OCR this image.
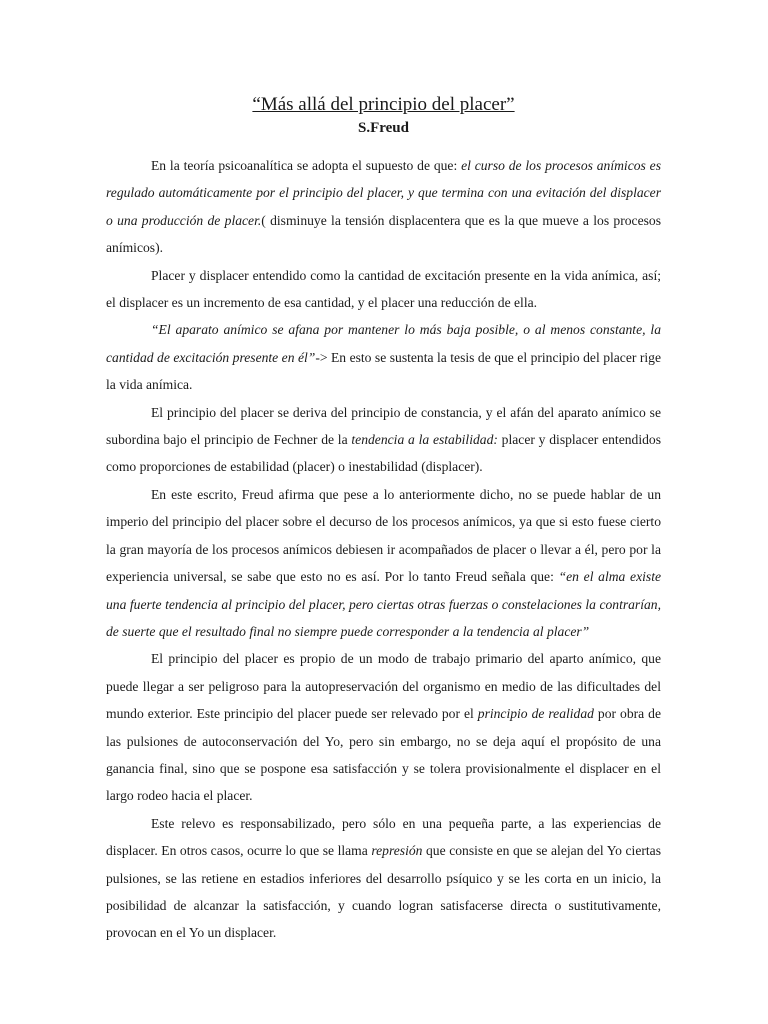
“Más allá del principio del placer”
S.Freud

En la teoría psicoanalítica se adopta el supuesto de que: el curso de los procesos anímicos es regulado automáticamente por el principio del placer, y que termina con una evitación del displacer o una producción de placer.( disminuye la tensión displacentera que es la que mueve a los procesos anímicos).

Placer y displacer entendido como la cantidad de excitación presente en la vida anímica, así; el displacer es un incremento de esa cantidad, y el placer una reducción de ella.

“El aparato anímico se afana por mantener lo más baja posible, o al menos constante, la cantidad de excitación presente en él”-> En esto se sustenta la tesis de que el principio del placer rige la vida anímica.

El principio del placer se deriva del principio de constancia, y el afán del aparato anímico se subordina bajo el principio de Fechner de la tendencia a la estabilidad: placer y displacer entendidos como proporciones de estabilidad (placer) o inestabilidad (displacer).

En este escrito, Freud afirma que pese a lo anteriormente dicho, no se puede hablar de un imperio del principio del placer sobre el decurso de los procesos anímicos, ya que si esto fuese cierto la gran mayoría de los procesos anímicos debiesen ir acompañados de placer o llevar a él, pero por la experiencia universal, se sabe que esto no es así. Por lo tanto Freud señala que: “en el alma existe una fuerte tendencia al principio del placer, pero ciertas otras fuerzas o constelaciones la contrarían, de suerte que el resultado final no siempre puede corresponder a la tendencia al placer”

El principio del placer es propio de un modo de trabajo primario del aparto anímico, que puede llegar a ser peligroso para la autopreservación del organismo en medio de las dificultades del mundo exterior. Este principio del placer puede ser relevado por el principio de realidad por obra de las pulsiones de autoconservación del Yo, pero sin embargo, no se deja aquí el propósito de una ganancia final, sino que se pospone esa satisfacción y se tolera provisionalmente el displacer en el largo rodeo hacia el placer.

Este relevo es responsabilizado, pero sólo en una pequeña parte, a las experiencias de displacer. En otros casos, ocurre lo que se llama represión que consiste en que se alejan del Yo ciertas pulsiones, se las retiene en estadios inferiores del desarrollo psíquico y se les corta en un inicio, la posibilidad de alcanzar la satisfacción, y cuando logran satisfacerse directa o sustitutivamente, provocan en el Yo un displacer.
